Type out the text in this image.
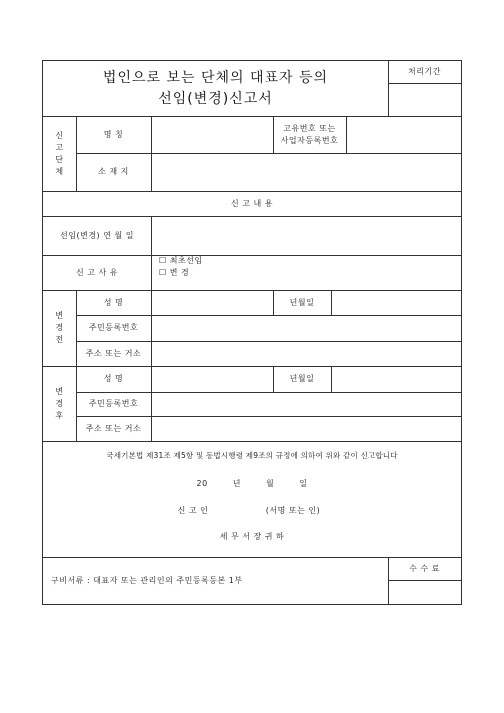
법인으로 보는 단체의 대표자 등의
선임(변경)신고서
처리기간
신
고
단
체
명 칭
고유번호 또는
사업자등록번호
소 재 지
신 고 내 용
선임(변경) 연 월 일
신 고 사 유
☐ 최초선임
☐ 변 경
변
경
전
성 명	년월일
주민등록번호
주소 또는 거소
변
경
후
성 명	년월일
주민등록번호
주소 또는 거소
국세기본법 제31조 제5항 및 동법시행령 제9조의 규정에 의하여 위와 같이 신고합니다
20 년 월 일
신 고 인	(서명 또는 인)
세 무 서 장 귀 하
구비서류 : 대표자 또는 관리인의 주민등록등본 1부
수 수 료
